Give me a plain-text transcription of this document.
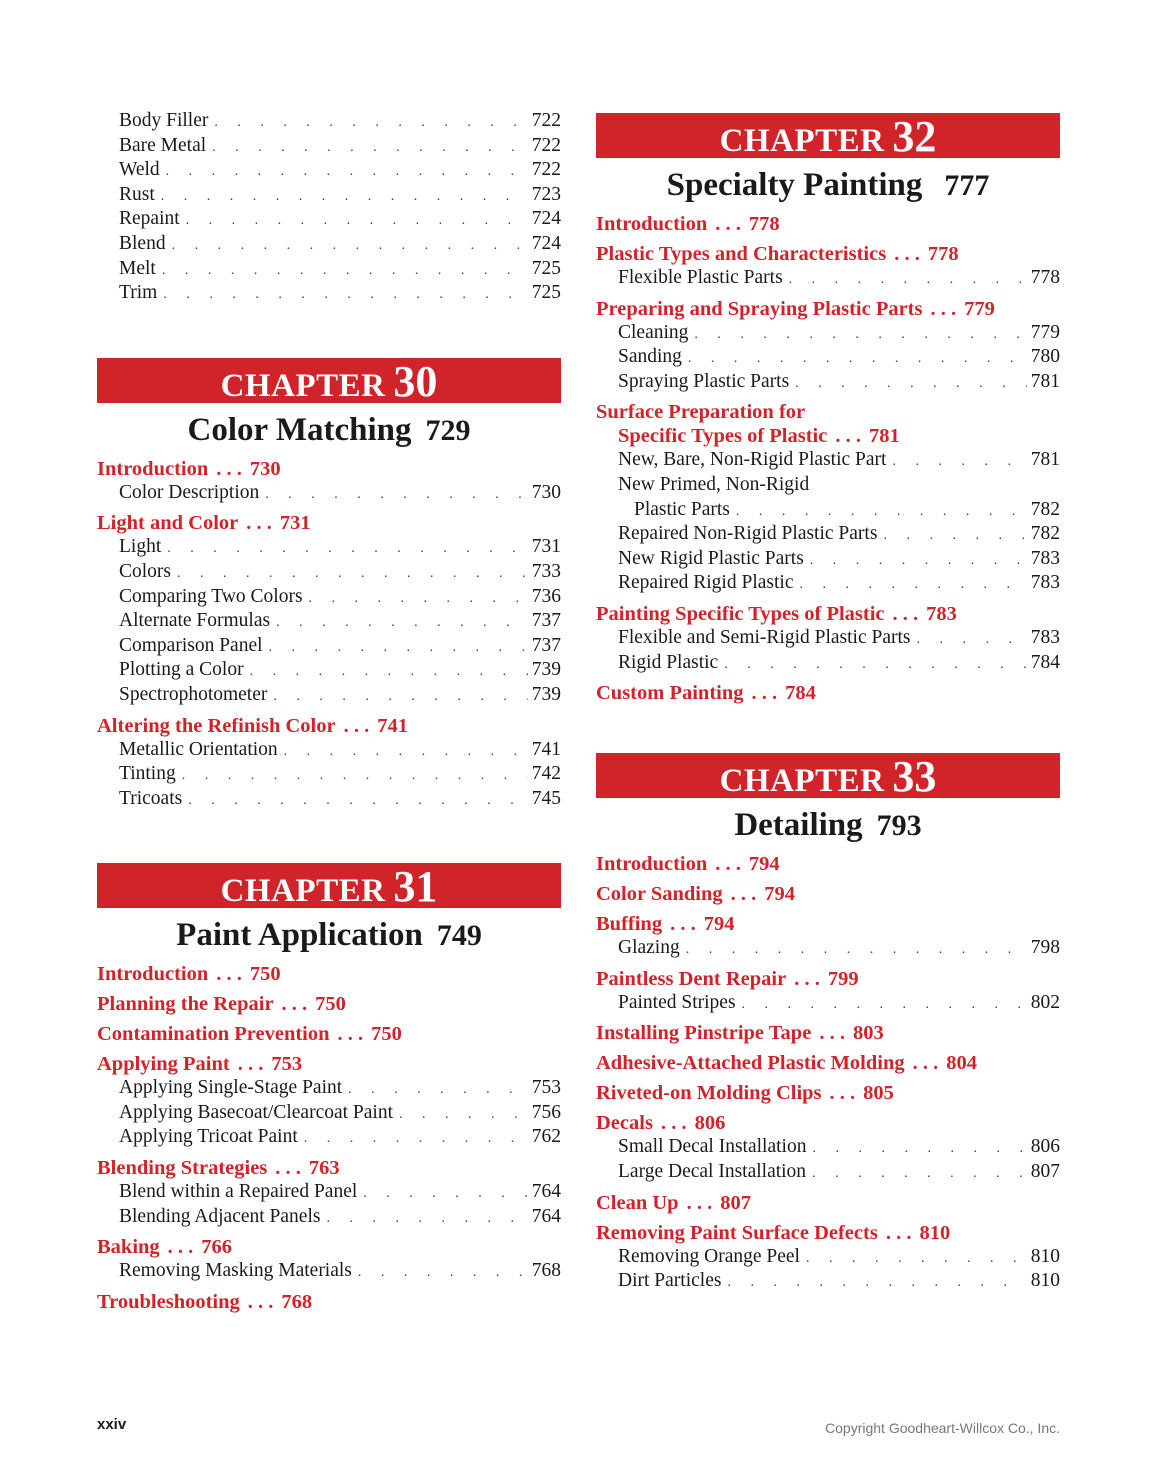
Body Filler . . .	722
Bare Metal . . .	722
Weld . . .	722
Rust . . .	723
Repaint . . .	724
Blend . . .	724
Melt . . .	725
Trim . . .	725
CHAPTER 30
Color Matching 729
Introduction . . . 730
Color Description . . .	730
Light and Color . . . 731
Light . . .	731
Colors . . .	733
Comparing Two Colors . . .	736
Alternate Formulas . . .	737
Comparison Panel . . .	737
Plotting a Color . . .	739
Spectrophotometer . . .	739
Altering the Refinish Color . . . 741
Metallic Orientation . . .	741
Tinting . . .	742
Tricoats . . .	745
CHAPTER 31
Paint Application 749
Introduction . . . 750
Planning the Repair . . . 750
Contamination Prevention . . . 750
Applying Paint . . . 753
Applying Single-Stage Paint . . .	753
Applying Basecoat/Clearcoat Paint . . .	756
Applying Tricoat Paint . . .	762
Blending Strategies . . . 763
Blend within a Repaired Panel . . .	764
Blending Adjacent Panels . . .	764
Baking . . . 766
Removing Masking Materials . . .	768
Troubleshooting . . . 768
CHAPTER 32
Specialty Painting 777
Introduction . . . 778
Plastic Types and Characteristics . . . 778
Flexible Plastic Parts . . .	778
Preparing and Spraying Plastic Parts . . . 779
Cleaning . . .	779
Sanding . . .	780
Spraying Plastic Parts . . .	781
Surface Preparation for
Specific Types of Plastic . . . 781
New, Bare, Non-Rigid Plastic Part . . .	781
New Primed, Non-Rigid
Plastic Parts . . .	782
Repaired Non-Rigid Plastic Parts . . .	782
New Rigid Plastic Parts . . .	783
Repaired Rigid Plastic . . .	783
Painting Specific Types of Plastic . . . 783
Flexible and Semi-Rigid Plastic Parts . . .	783
Rigid Plastic . . .	784
Custom Painting . . . 784
CHAPTER 33
Detailing 793
Introduction . . . 794
Color Sanding . . . 794
Buffing . . . 794
Glazing . . .	798
Paintless Dent Repair . . . 799
Painted Stripes . . .	802
Installing Pinstripe Tape . . . 803
Adhesive-Attached Plastic Molding . . . 804
Riveted-on Molding Clips . . . 805
Decals . . . 806
Small Decal Installation . . .	806
Large Decal Installation . . .	807
Clean Up . . . 807
Removing Paint Surface Defects . . . 810
Removing Orange Peel . . .	810
Dirt Particles . . .	810
xxiv	Copyright Goodheart-Willcox Co., Inc.
